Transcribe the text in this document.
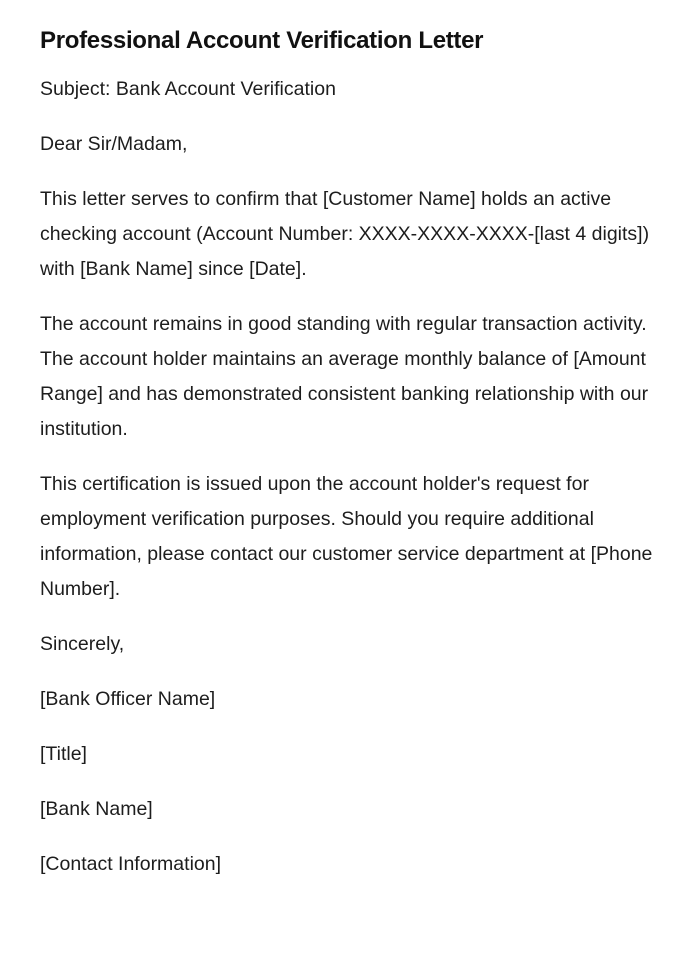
Professional Account Verification Letter

Subject: Bank Account Verification

Dear Sir/Madam,

This letter serves to confirm that [Customer Name] holds an active checking account (Account Number: XXXX-XXXX-XXXX-[last 4 digits]) with [Bank Name] since [Date].

The account remains in good standing with regular transaction activity. The account holder maintains an average monthly balance of [Amount Range] and has demonstrated consistent banking relationship with our institution.

This certification is issued upon the account holder's request for employment verification purposes. Should you require additional information, please contact our customer service department at [Phone Number].

Sincerely,

[Bank Officer Name]

[Title]

[Bank Name]

[Contact Information]
